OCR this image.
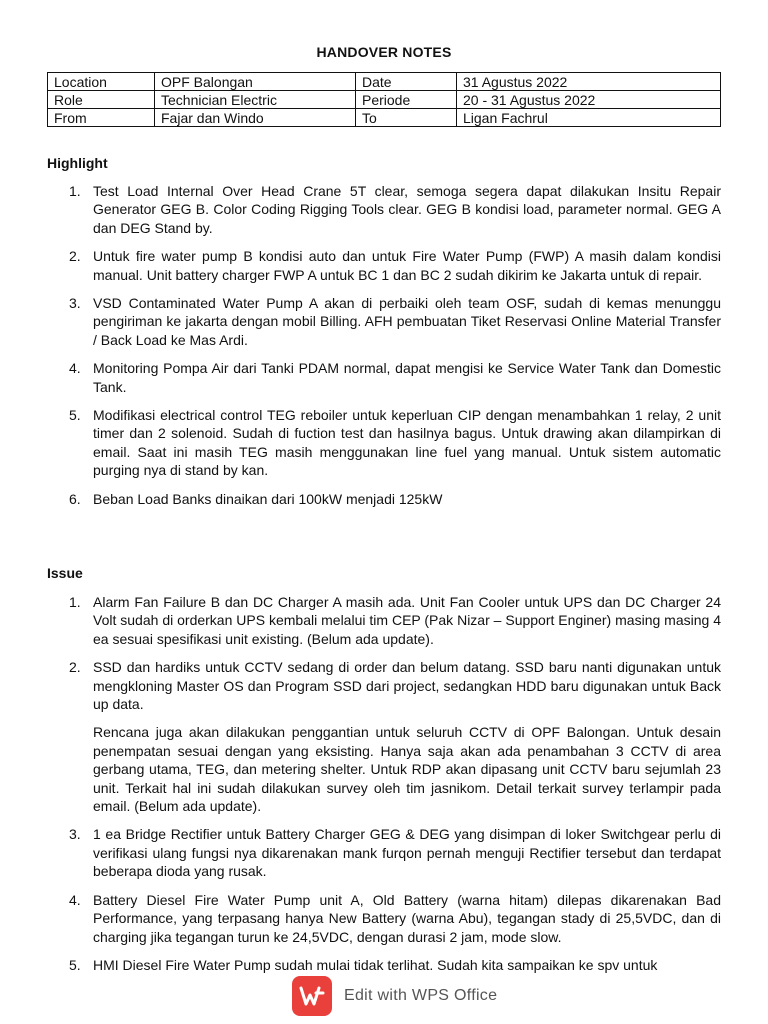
HANDOVER NOTES
Location	OPF Balongan	Date	31 Agustus 2022
Role	Technician Electric	Periode	20 - 31 Agustus 2022
From	Fajar dan Windo	To	Ligan Fachrul
Highlight
1. Test Load Internal Over Head Crane 5T clear, semoga segera dapat dilakukan Insitu Repair Generator GEG B. Color Coding Rigging Tools clear. GEG B kondisi load, parameter normal. GEG A dan DEG Stand by.
2. Untuk fire water pump B kondisi auto dan untuk Fire Water Pump (FWP) A masih dalam kondisi manual. Unit battery charger FWP A untuk BC 1 dan BC 2 sudah dikirim ke Jakarta untuk di repair.
3. VSD Contaminated Water Pump A akan di perbaiki oleh team OSF, sudah di kemas menunggu pengiriman ke jakarta dengan mobil Billing. AFH pembuatan Tiket Reservasi Online Material Transfer / Back Load ke Mas Ardi.
4. Monitoring Pompa Air dari Tanki PDAM normal, dapat mengisi ke Service Water Tank dan Domestic Tank.
5. Modifikasi electrical control TEG reboiler untuk keperluan CIP dengan menambahkan 1 relay, 2 unit timer dan 2 solenoid. Sudah di fuction test dan hasilnya bagus. Untuk drawing akan dilampirkan di email. Saat ini masih TEG masih menggunakan line fuel yang manual. Untuk sistem automatic purging nya di stand by kan.
6. Beban Load Banks dinaikan dari 100kW menjadi 125kW
Issue
1. Alarm Fan Failure B dan DC Charger A masih ada. Unit Fan Cooler untuk UPS dan DC Charger 24 Volt sudah di orderkan UPS kembali melalui tim CEP (Pak Nizar – Support Enginer) masing masing 4 ea sesuai spesifikasi unit existing. (Belum ada update).
2. SSD dan hardiks untuk CCTV sedang di order dan belum datang. SSD baru nanti digunakan untuk mengkloning Master OS dan Program SSD dari project, sedangkan HDD baru digunakan untuk Back up data.
Rencana juga akan dilakukan penggantian untuk seluruh CCTV di OPF Balongan. Untuk desain penempatan sesuai dengan yang eksisting. Hanya saja akan ada penambahan 3 CCTV di area gerbang utama, TEG, dan metering shelter. Untuk RDP akan dipasang unit CCTV baru sejumlah 23 unit. Terkait hal ini sudah dilakukan survey oleh tim jasnikom. Detail terkait survey terlampir pada email. (Belum ada update).
3. 1 ea Bridge Rectifier untuk Battery Charger GEG & DEG yang disimpan di loker Switchgear perlu di verifikasi ulang fungsi nya dikarenakan mank furqon pernah menguji Rectifier tersebut dan terdapat beberapa dioda yang rusak.
4. Battery Diesel Fire Water Pump unit A, Old Battery (warna hitam) dilepas dikarenakan Bad Performance, yang terpasang hanya New Battery (warna Abu), tegangan stady di 25,5VDC, dan di charging jika tegangan turun ke 24,5VDC, dengan durasi 2 jam, mode slow.
5. HMI Diesel Fire Water Pump sudah mulai tidak terlihat. Sudah kita sampaikan ke spv untuk
Edit with WPS Office
